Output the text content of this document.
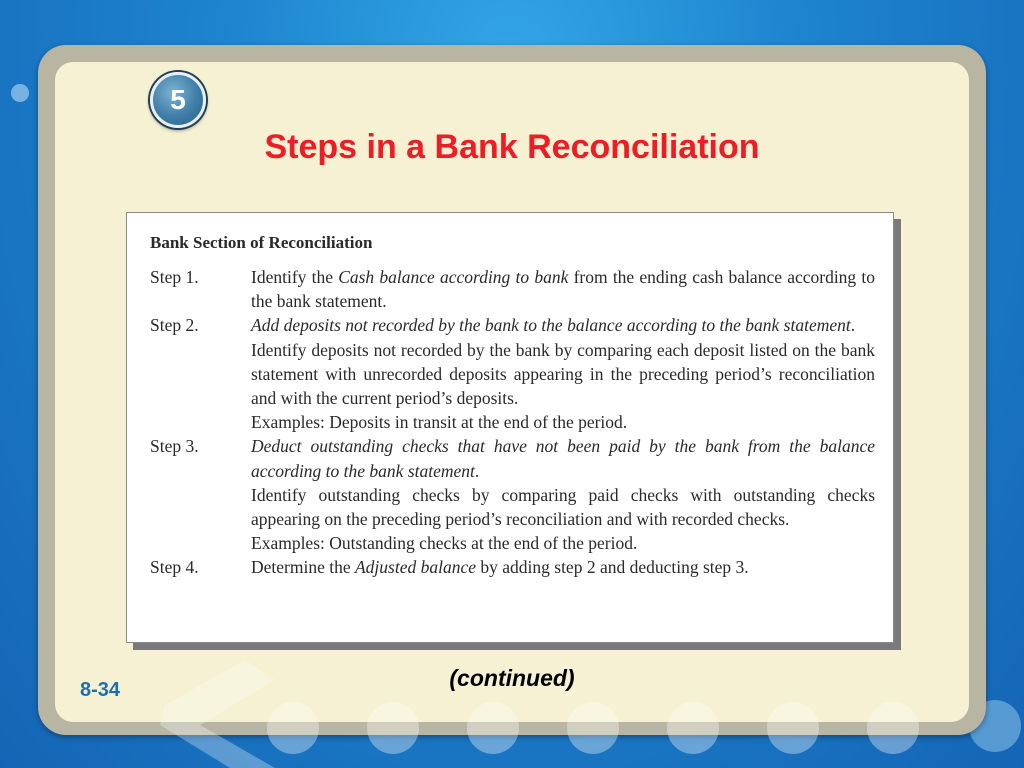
5
Steps in a Bank Reconciliation
Bank Section of Reconciliation
Step 1.	Identify the Cash balance according to bank from the ending cash balance according to the bank statement.

Step 2.	Add deposits not recorded by the bank to the balance according to the bank statement.

Identify deposits not recorded by the bank by comparing each deposit listed on the bank statement with unrecorded deposits appearing in the preceding period’s reconciliation and with the current period’s deposits.

Examples: Deposits in transit at the end of the period.

Step 3.	Deduct outstanding checks that have not been paid by the bank from the balance according to the bank statement.

Identify outstanding checks by comparing paid checks with outstanding checks appearing on the preceding period’s reconciliation and with recorded checks.

Examples: Outstanding checks at the end of the period.

Step 4.	Determine the Adjusted balance by adding step 2 and deducting step 3.

(continued)
8-34
